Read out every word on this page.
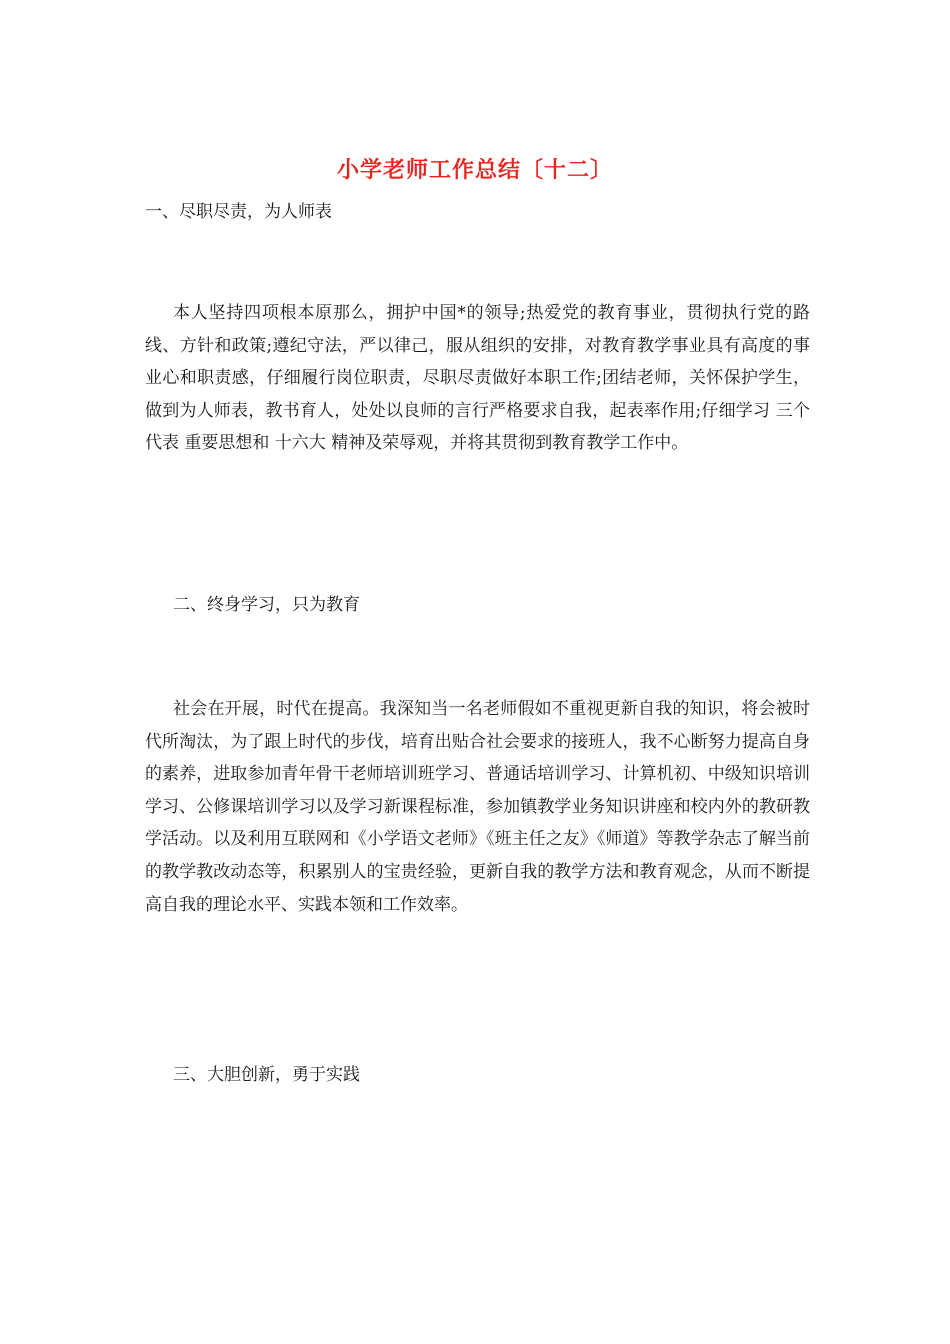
小学老师工作总结〔十二〕
一、尽职尽责，为人师表
本人坚持四项根本原那么，拥护中国*的领导;热爱党的教育事业，贯彻执行党的路线、方针和政策;遵纪守法，严以律己，服从组织的安排，对教育教学事业具有高度的事业心和职责感，仔细履行岗位职责，尽职尽责做好本职工作;团结老师，关怀保护学生，做到为人师表，教书育人，处处以良师的言行严格要求自我，起表率作用;仔细学习 三个代表 重要思想和 十六大 精神及荣辱观，并将其贯彻到教育教学工作中。
二、终身学习，只为教育
社会在开展，时代在提高。我深知当一名老师假如不重视更新自我的知识，将会被时代所淘汰，为了跟上时代的步伐，培育出贴合社会要求的接班人，我不心断努力提高自身的素养，进取参加青年骨干老师培训班学习、普通话培训学习、计算机初、中级知识培训学习、公修课培训学习以及学习新课程标准，参加镇教学业务知识讲座和校内外的教研教学活动。以及利用互联网和《小学语文老师》《班主任之友》《师道》等教学杂志了解当前的教学教改动态等，积累别人的宝贵经验，更新自我的教学方法和教育观念，从而不断提高自我的理论水平、实践本领和工作效率。
三、大胆创新，勇于实践
